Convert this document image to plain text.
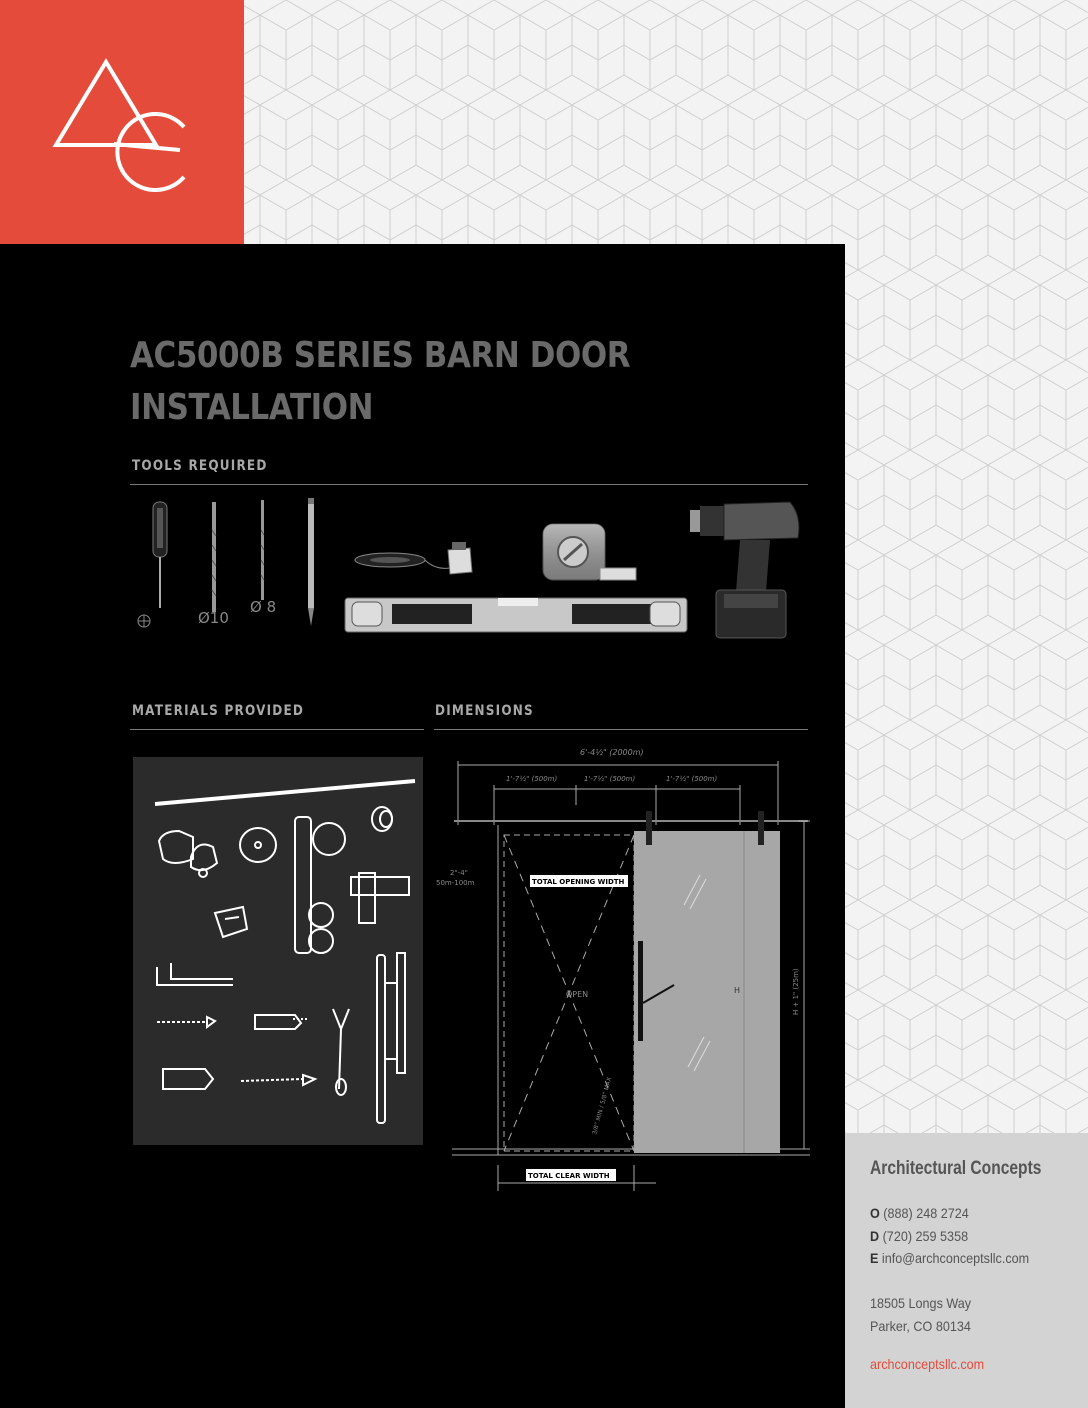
AC5000B SERIES BARN DOOR
INSTALLATION
TOOLS REQUIRED
Ø10
Ø 8
MATERIALS PROVIDED	DIMENSIONS
6'-4½" (2000m)
1'-7½" (500m)	1'-7½" (500m)	1'-7½" (500m)
2"-4"
50m-100m	TOTAL OPENING WIDTH
OPEN	H	H + 1" (25m)
3/8" MIN / 5/8" MAX
TOTAL CLEAR WIDTH	Architectural Concepts
O (888) 248 2724
D (720) 259 5358
E info@archconceptsllc.com
18505 Longs Way
Parker, CO 80134
archconceptsllc.com
